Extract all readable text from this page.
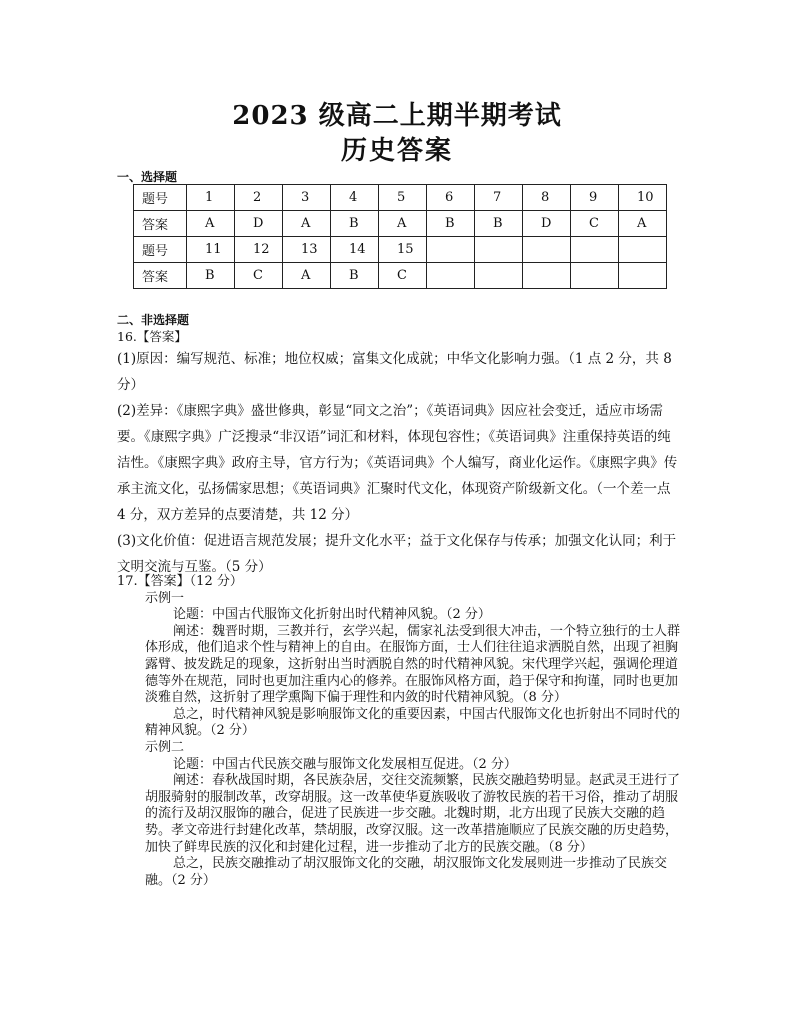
2023 级高二上期半期考试
历史答案
一、选择题
题号	1	2	3	4	5	6	7	8	9	10

答案	A	D	A	B	A	B	B	D	C	A

题号	11	12	13	14	15					

答案	B	C	A	B	C					

二、非选择题
16.【答案】

(1)原因：编写规范、标准；地位权威；富集文化成就；中华文化影响力强。（1 点 2 分，共 8 分）

(2)差异：《康熙字典》盛世修典，彰显“同文之治”；《英语词典》因应社会变迁，适应市场需要。《康熙字典》广泛搜录“非汉语”词汇和材料，体现包容性；《英语词典》注重保持英语的纯洁性。《康熙字典》政府主导，官方行为；《英语词典》个人编写，商业化运作。《康熙字典》传承主流文化，弘扬儒家思想；《英语词典》汇聚时代文化，体现资产阶级新文化。（一个差一点 4 分，双方差异的点要清楚，共 12 分）

(3)文化价值：促进语言规范发展；提升文化水平；益于文化保存与传承；加强文化认同；利于文明交流与互鉴。（5 分）

17.【答案】（12 分）
示例一
论题：中国古代服饰文化折射出时代精神风貌。（2 分）
阐述：魏晋时期，三教并行，玄学兴起，儒家礼法受到很大冲击，一个特立独行的士人群体形成，他们追求个性与精神上的自由。在服饰方面，士人们往往追求洒脱自然，出现了袒胸露臂、披发跣足的现象，这折射出当时洒脱自然的时代精神风貌。宋代理学兴起，强调伦理道德等外在规范，同时也更加注重内心的修养。在服饰风格方面，趋于保守和拘谨，同时也更加淡雅自然，这折射了理学熏陶下偏于理性和内敛的时代精神风貌。（8 分）
总之，时代精神风貌是影响服饰文化的重要因素，中国古代服饰文化也折射出不同时代的精神风貌。（2 分）
示例二
论题：中国古代民族交融与服饰文化发展相互促进。（2 分）
阐述：春秋战国时期，各民族杂居，交往交流频繁，民族交融趋势明显。赵武灵王进行了胡服骑射的服制改革，改穿胡服。这一改革使华夏族吸收了游牧民族的若干习俗，推动了胡服的流行及胡汉服饰的融合，促进了民族进一步交融。北魏时期，北方出现了民族大交融的趋势。孝文帝进行封建化改革，禁胡服，改穿汉服。这一改革措施顺应了民族交融的历史趋势，加快了鲜卑民族的汉化和封建化过程，进一步推动了北方的民族交融。（8 分）
总之，民族交融推动了胡汉服饰文化的交融，胡汉服饰文化发展则进一步推动了民族交融。（2 分）
